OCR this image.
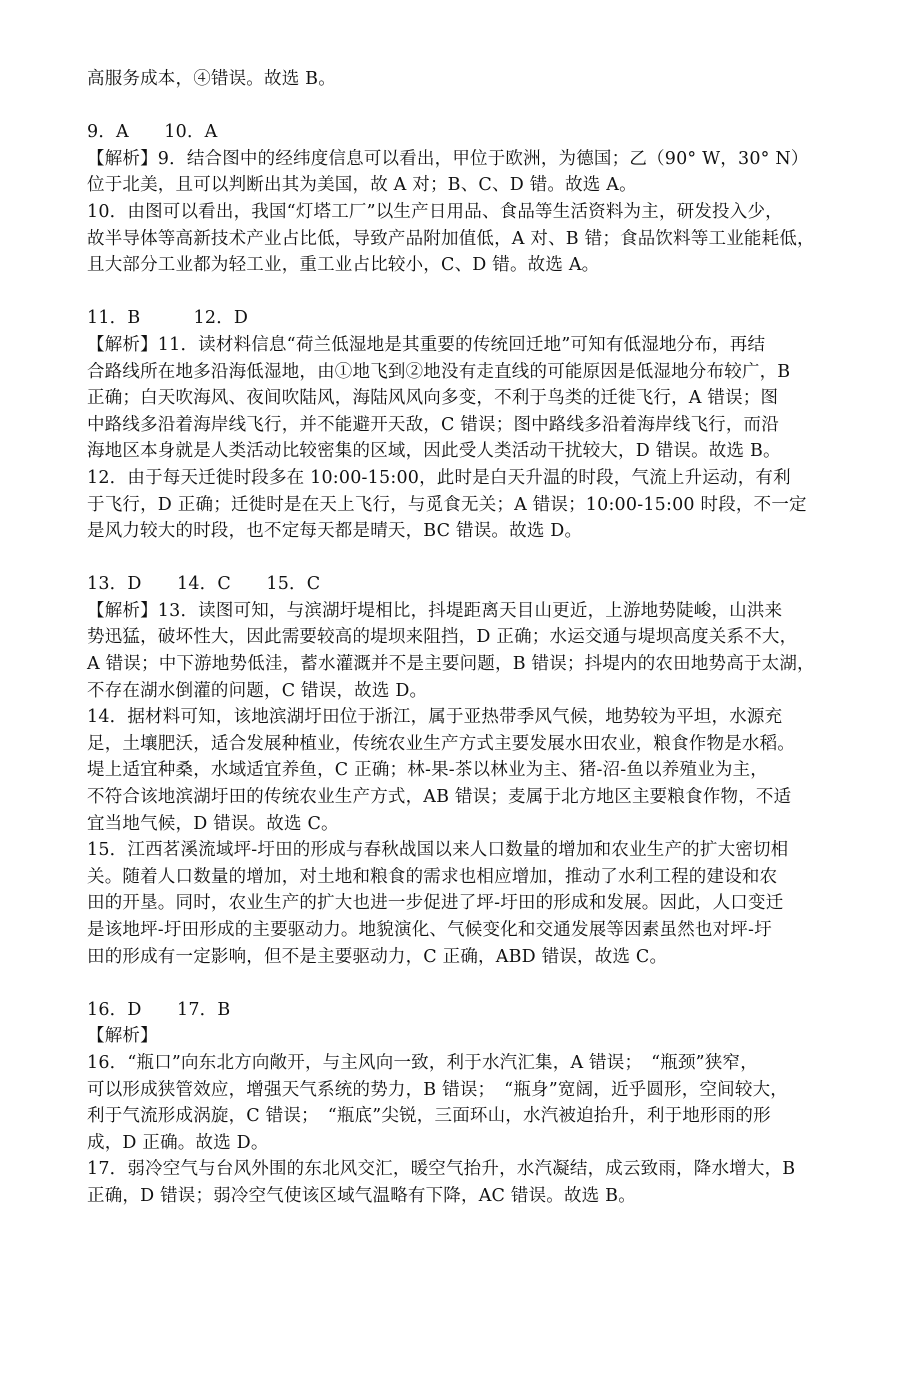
高服务成本，④错误。故选 B。
9．A　　10．A
【解析】9．结合图中的经纬度信息可以看出，甲位于欧洲，为德国；乙（90° W，30° N）
位于北美，且可以判断出其为美国，故 A 对；B、C、D 错。故选 A。
10．由图可以看出，我国“灯塔工厂”以生产日用品、食品等生活资料为主，研发投入少，
故半导体等高新技术产业占比低，导致产品附加值低，A 对、B 错；食品饮料等工业能耗低，
且大部分工业都为轻工业，重工业占比较小，C、D 错。故选 A。
11．B　　　12．D
【解析】11．读材料信息“荷兰低湿地是其重要的传统回迁地”可知有低湿地分布，再结
合路线所在地多沿海低湿地，由①地飞到②地没有走直线的可能原因是低湿地分布较广，B
正确；白天吹海风、夜间吹陆风，海陆风风向多变，不利于鸟类的迁徙飞行，A 错误；图
中路线多沿着海岸线飞行，并不能避开天敌，C 错误；图中路线多沿着海岸线飞行，而沿
海地区本身就是人类活动比较密集的区域，因此受人类活动干扰较大，D 错误。故选 B。
12．由于每天迁徙时段多在 10:00-15:00，此时是白天升温的时段，气流上升运动，有利
于飞行，D 正确；迁徙时是在天上飞行，与觅食无关；A 错误；10:00-15:00 时段，不一定
是风力较大的时段，也不定每天都是晴天，BC 错误。故选 D。
13．D　　14．C　　15．C
【解析】13．读图可知，与滨湖圩堤相比，抖堤距离天目山更近，上游地势陡峻，山洪来
势迅猛，破坏性大，因此需要较高的堤坝来阻挡，D 正确；水运交通与堤坝高度关系不大，
A 错误；中下游地势低洼，蓄水灌溉并不是主要问题，B 错误；抖堤内的农田地势高于太湖，
不存在湖水倒灌的问题，C 错误，故选 D。
14．据材料可知，该地滨湖圩田位于浙江，属于亚热带季风气候，地势较为平坦，水源充
足，土壤肥沃，适合发展种植业，传统农业生产方式主要发展水田农业，粮食作物是水稻。
堤上适宜种桑，水域适宜养鱼，C 正确；林-果-茶以林业为主、猪-沼-鱼以养殖业为主，
不符合该地滨湖圩田的传统农业生产方式，AB 错误；麦属于北方地区主要粮食作物，不适
宜当地气候，D 错误。故选 C。
15．江西茗溪流域坪-圩田的形成与春秋战国以来人口数量的增加和农业生产的扩大密切相
关。随着人口数量的增加，对土地和粮食的需求也相应增加，推动了水利工程的建设和农
田的开垦。同时，农业生产的扩大也进一步促进了坪-圩田的形成和发展。因此，人口变迁
是该地坪-圩田形成的主要驱动力。地貌演化、气候变化和交通发展等因素虽然也对坪-圩
田的形成有一定影响，但不是主要驱动力，C 正确，ABD 错误，故选 C。
16．D　　17．B
【解析】
16．“瓶口”向东北方向敞开，与主风向一致，利于水汽汇集，A 错误；　“瓶颈”狭窄，
可以形成狭管效应，增强天气系统的势力，B 错误；　“瓶身”宽阔，近乎圆形，空间较大，
利于气流形成涡旋，C 错误；　“瓶底”尖锐，三面环山，水汽被迫抬升，利于地形雨的形
成，D 正确。故选 D。
17．弱冷空气与台风外围的东北风交汇，暖空气抬升，水汽凝结，成云致雨，降水增大，B
正确，D 错误；弱冷空气使该区域气温略有下降，AC 错误。故选 B。
